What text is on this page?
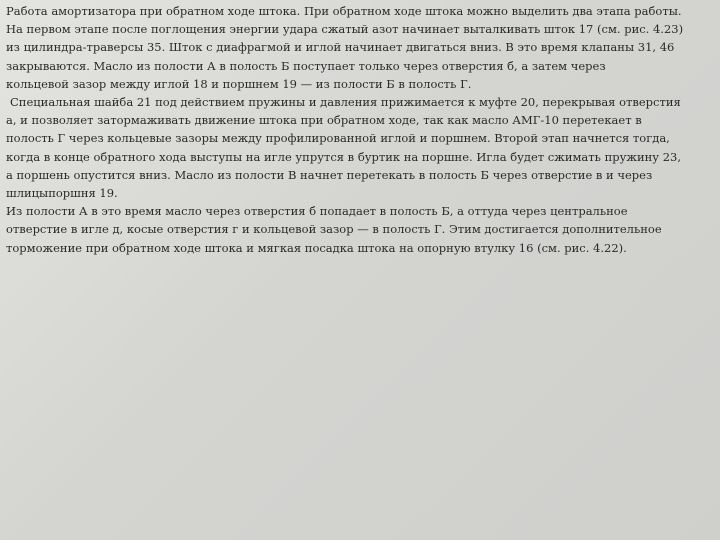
Работа амортизатора при обратном ходе штока. При обратном ходе штока можно выделить два этапа работы.
На первом этапе после поглощения энергии удара сжатый азот начинает выталкивать шток 17 (см. рис. 4.23)
из цилиндра-траверсы 35. Шток с диафрагмой и иглой начинает двигаться вниз. В это время клапаны 31, 46
закрываются. Масло из полости А в полость Б поступает только через отверстия б, а затем через
кольцевой зазор между иглой 18 и поршнем 19 — из полости Б в полость Г.

Специальная шайба 21 под действием пружины и давления прижимается к муфте 20, перекрывая отверстия
а, и позволяет затормаживать движение штока при обратном ходе, так как масло АМГ-10 перетекает в
полость Г через кольцевые зазоры между профилированной иглой и поршнем. Второй этап начнется тогда,
когда в конце обратного хода выступы на игле упрутся в буртик на поршне. Игла будет сжимать пружину 23,
а поршень опустится вниз. Масло из полости В начнет перетекать в полость Б через отверстие в и через
шлицыпоршня 19.

Из полости А в это время масло через отверстия б попадает в полость Б, а оттуда через центральное
отверстие в игле д, косые отверстия г и кольцевой зазор — в полость Г. Этим достигается дополнительное
торможение при обратном ходе штока и мягкая посадка штока на опорную втулку 16 (см. рис. 4.22).
